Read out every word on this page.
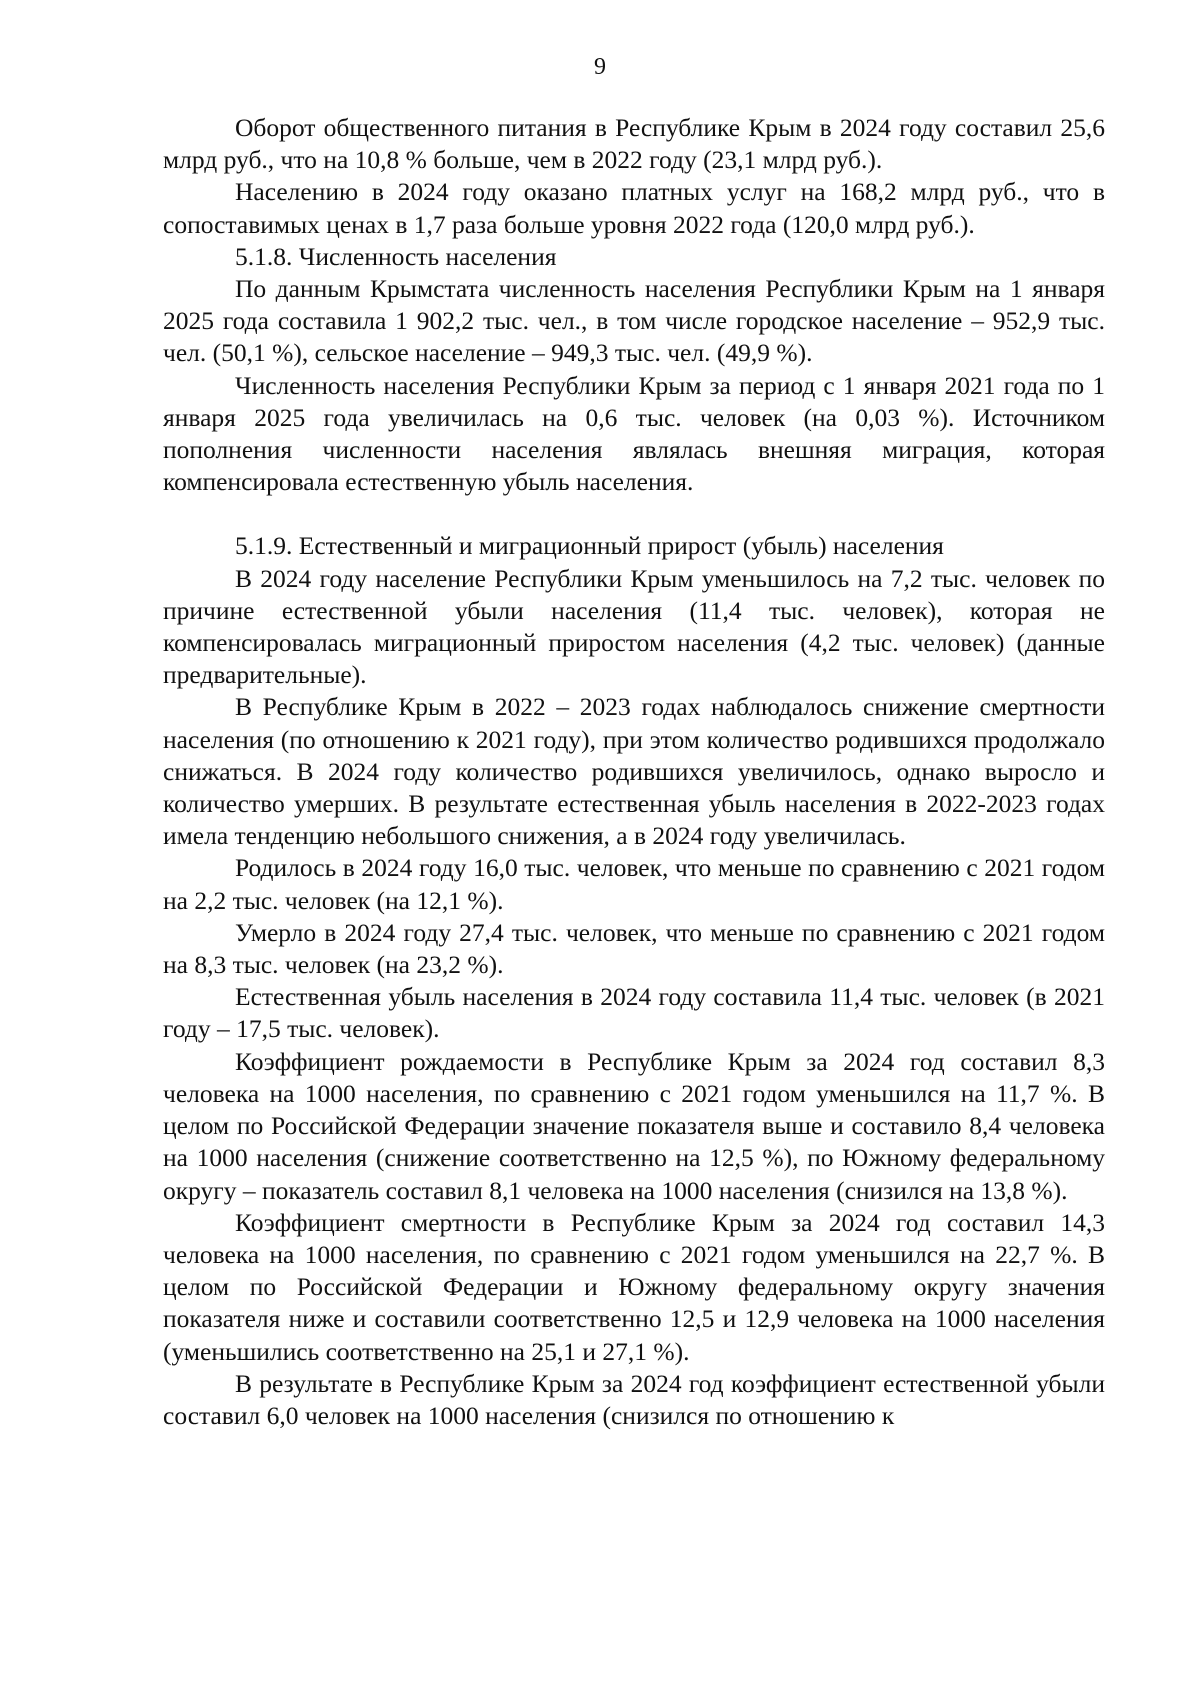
9

Оборот общественного питания в Республике Крым в 2024 году составил 25,6 млрд руб., что на 10,8 % больше, чем в 2022 году (23,1 млрд руб.).

Населению в 2024 году оказано платных услуг на 168,2 млрд руб., что в сопоставимых ценах в 1,7 раза больше уровня 2022 года (120,0 млрд руб.).

5.1.8. Численность населения

По данным Крымстата численность населения Республики Крым на 1 января 2025 года составила 1 902,2 тыс. чел., в том числе городское население – 952,9 тыс. чел. (50,1 %), сельское население – 949,3 тыс. чел. (49,9 %).

Численность населения Республики Крым за период с 1 января 2021 года по 1 января 2025 года увеличилась на 0,6 тыс. человек (на 0,03 %). Источником пополнения численности населения являлась внешняя миграция, которая компенсировала естественную убыль населения.

5.1.9. Естественный и миграционный прирост (убыль) населения

В 2024 году население Республики Крым уменьшилось на 7,2 тыс. человек по причине естественной убыли населения (11,4 тыс. человек), которая не компенсировалась миграционный приростом населения (4,2 тыс. человек) (данные предварительные).

В Республике Крым в 2022 – 2023 годах наблюдалось снижение смертности населения (по отношению к 2021 году), при этом количество родившихся продолжало снижаться. В 2024 году количество родившихся увеличилось, однако выросло и количество умерших. В результате естественная убыль населения в 2022-2023 годах имела тенденцию небольшого снижения, а в 2024 году увеличилась.

Родилось в 2024 году 16,0 тыс. человек, что меньше по сравнению с 2021 годом на 2,2 тыс. человек (на 12,1 %).

Умерло в 2024 году 27,4 тыс. человек, что меньше по сравнению с 2021 годом на 8,3 тыс. человек (на 23,2 %).

Естественная убыль населения в 2024 году составила 11,4 тыс. человек (в 2021 году – 17,5 тыс. человек).

Коэффициент рождаемости в Республике Крым за 2024 год составил 8,3 человека на 1000 населения, по сравнению с 2021 годом уменьшился на 11,7 %. В целом по Российской Федерации значение показателя выше и составило 8,4 человека на 1000 населения (снижение соответственно на 12,5 %), по Южному федеральному округу – показатель составил 8,1 человека на 1000 населения (снизился на 13,8 %).

Коэффициент смертности в Республике Крым за 2024 год составил 14,3 человека на 1000 населения, по сравнению с 2021 годом уменьшился на 22,7 %. В целом по Российской Федерации и Южному федеральному округу значения показателя ниже и составили соответственно 12,5 и 12,9 человека на 1000 населения (уменьшились соответственно на 25,1 и 27,1 %).

В результате в Республике Крым за 2024 год коэффициент естественной убыли составил 6,0 человек на 1000 населения (снизился по отношению к
